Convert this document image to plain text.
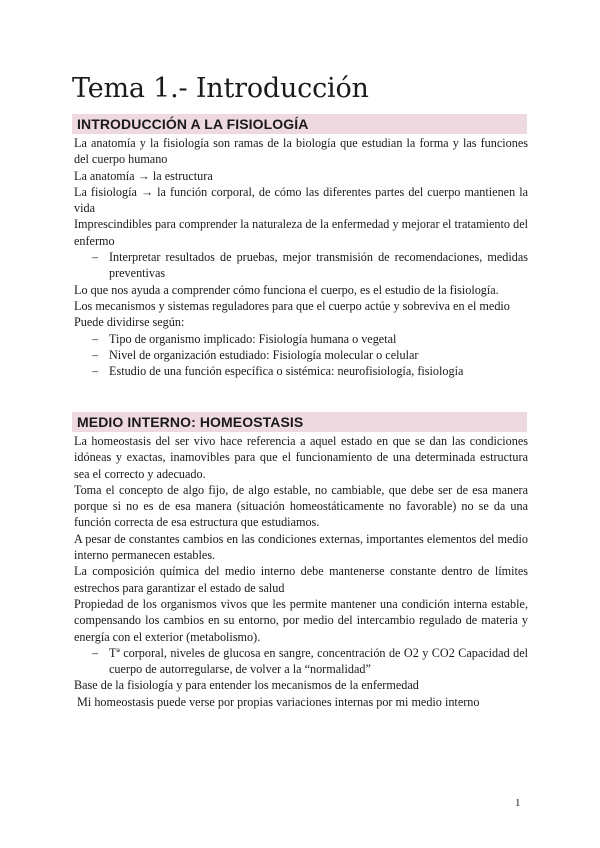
Tema 1.- Introducción
INTRODUCCIÓN A LA FISIOLOGÍA

La anatomía y la fisiología son ramas de la biología que estudian la forma y las funciones del cuerpo humano

La anatomía → la estructura

La fisiología → la función corporal, de cómo las diferentes partes del cuerpo mantienen la vida

Imprescindibles para comprender la naturaleza de la enfermedad y mejorar el tratamiento del enfermo

– Interpretar resultados de pruebas, mejor transmisión de recomendaciones, medidas preventivas

Lo que nos ayuda a comprender cómo funciona el cuerpo, es el estudio de la fisiología.

Los mecanismos y sistemas reguladores para que el cuerpo actúe y sobreviva en el medio

Puede dividirse según:

– Tipo de organismo implicado: Fisiología humana o vegetal
– Nivel de organización estudiado: Fisiología molecular o celular
– Estudio de una función específica o sistémica: neurofisiología, fisiología
MEDIO INTERNO: HOMEOSTASIS

La homeostasis del ser vivo hace referencia a aquel estado en que se dan las condiciones idóneas y exactas, inamovibles para que el funcionamiento de una determinada estructura sea el correcto y adecuado.

Toma el concepto de algo fijo, de algo estable, no cambiable, que debe ser de esa manera porque si no es de esa manera (situación homeostáticamente no favorable) no se da una función correcta de esa estructura que estudiamos.

A pesar de constantes cambios en las condiciones externas, importantes elementos del medio interno permanecen estables.

La composición química del medio interno debe mantenerse constante dentro de límites estrechos para garantizar el estado de salud

Propiedad de los organismos vivos que les permite mantener una condición interna estable, compensando los cambios en su entorno, por medio del intercambio regulado de materia y energía con el exterior (metabolismo).

– Tª corporal, niveles de glucosa en sangre, concentración de O2 y CO2 Capacidad del cuerpo de autorregularse, de volver a la “normalidad”

Base de la fisiología y para entender los mecanismos de la enfermedad

Mi homeostasis puede verse por propias variaciones internas por mi medio interno

1
